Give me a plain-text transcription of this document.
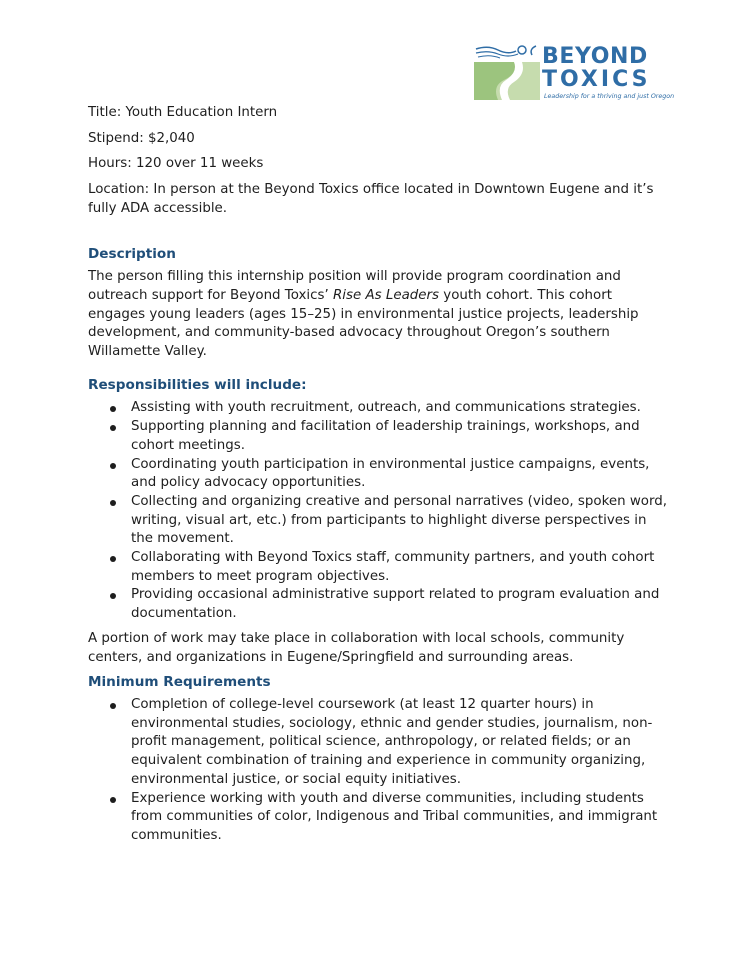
BEYOND
TOXICS
Leadership for a thriving and just Oregon

Title: Youth Education Intern

Stipend: $2,040

Hours: 120 over 11 weeks

Location: In person at the Beyond Toxics office located in Downtown Eugene and it’s fully ADA accessible.

Description

The person filling this internship position will provide program coordination and outreach support for Beyond Toxics’ Rise As Leaders youth cohort. This cohort engages young leaders (ages 15–25) in environmental justice projects, leadership development, and community-based advocacy throughout Oregon’s southern Willamette Valley.

Responsibilities will include:
Assisting with youth recruitment, outreach, and communications strategies.
Supporting planning and facilitation of leadership trainings, workshops, and cohort meetings.
Coordinating youth participation in environmental justice campaigns, events, and policy advocacy opportunities.
Collecting and organizing creative and personal narratives (video, spoken word, writing, visual art, etc.) from participants to highlight diverse perspectives in the movement.
Collaborating with Beyond Toxics staff, community partners, and youth cohort members to meet program objectives.
Providing occasional administrative support related to program evaluation and documentation.

A portion of work may take place in collaboration with local schools, community centers, and organizations in Eugene/Springfield and surrounding areas.

Minimum Requirements
Completion of college-level coursework (at least 12 quarter hours) in environmental studies, sociology, ethnic and gender studies, journalism, non-profit management, political science, anthropology, or related fields; or an equivalent combination of training and experience in community organizing, environmental justice, or social equity initiatives.
Experience working with youth and diverse communities, including students from communities of color, Indigenous and Tribal communities, and immigrant communities.
